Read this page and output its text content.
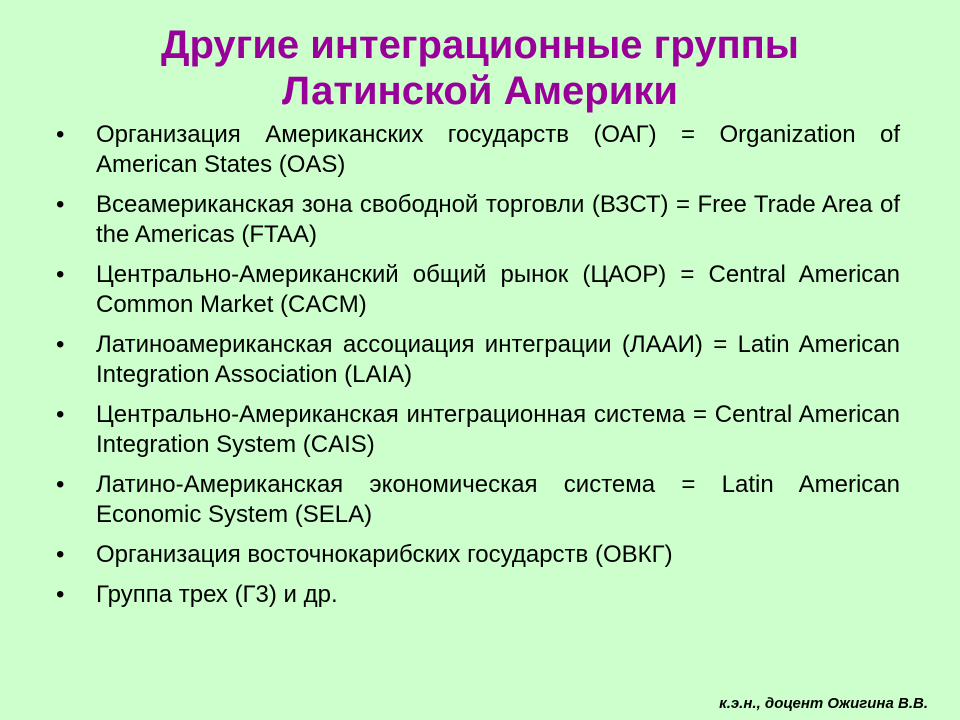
Другие интеграционные группы
Латинской Америки
•	Организация Американских государств (ОАГ) = Organization of American States (OAS)
•	Всеамериканская зона свободной торговли (ВЗСТ) = Free Trade Area of the Americas (FTAA)
•	Центрально-Американский общий рынок (ЦАОР) = Central American Common Market (CACM)
•	Латиноамериканская ассоциация интеграции (ЛААИ) = Latin American Integration Association (LAIA)
•	Центрально-Американская интеграционная система = Central American Integration System (CAIS)
•	Латино-Американская экономическая система = Latin American Economic System (SELA)
•	Организация восточнокарибских государств (ОВКГ)
•	Группа трех (Г3) и др.
к.э.н., доцент Ожигина В.В.
